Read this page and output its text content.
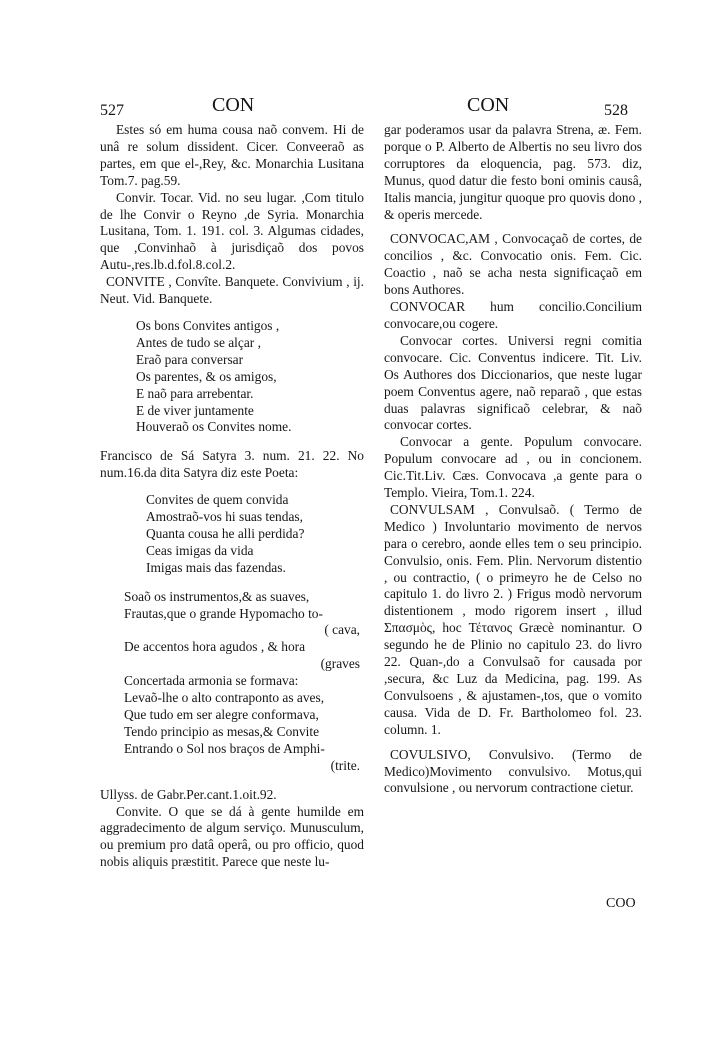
527	CON	CON	528

Estes só em huma cousa naõ convem. Hi de unâ re solum dissident. Cicer. Conveeraõ as partes, em que el-,Rey, &c. Monarchia Lusitana Tom.7. pag.59.

Convir. Tocar. Vid. no seu lugar. ,Com titulo de lhe Convir o Reyno ,de Syria. Monarchia Lusitana, Tom. 1. 191. col. 3. Algumas cidades, que ,Convinhaõ à jurisdiçaõ dos povos Autu-,res.lb.d.fol.8.col.2.

CONVITE , Convîte. Banquete. Convivium , ij. Neut. Vid. Banquete.

Os bons Convites antigos ,
Antes de tudo se alçar ,
Eraõ para conversar
Os parentes, & os amigos,
E naõ para arrebentar.
E de viver juntamente
Houveraõ os Convites nome.

Francisco de Sá Satyra 3. num. 21. 22. No num.16.da dita Satyra diz este Poeta:

Convites de quem convida
Amostraõ-vos hi suas tendas,
Quanta cousa he alli perdida?
Ceas imigas da vida
Imigas mais das fazendas.
Soaõ os instrumentos,& as suaves,
Frautas,que o grande Hypomacho to-
( cava,
De accentos hora agudos , & hora
(graves
Concertada armonia se formava:
Levaõ-lhe o alto contraponto as aves,
Que tudo em ser alegre conformava,
Tendo principio as mesas,& Convite
Entrando o Sol nos braços de Amphi-
(trite.

Ullyss. de Gabr.Per.cant.1.oit.92.

Convite. O que se dá à gente humilde em aggradecimento de algum serviço. Munusculum, ou premium pro datâ operâ, ou pro officio, quod nobis aliquis præstitit. Parece que neste lu-

gar poderamos usar da palavra Strena, æ. Fem. porque o P. Alberto de Albertis no seu livro dos corruptores da eloquencia, pag. 573. diz, Munus, quod datur die festo boni ominis causâ, Italis mancia, jungitur quoque pro quovis dono , & operis mercede.

CONVOCAC,AM , Convocaçaõ de cortes, de concilios , &c. Convocatio onis. Fem. Cic. Coactio , naõ se acha nesta significaçaõ em bons Authores.

CONVOCAR hum concilio.Concilium convocare,ou cogere.

Convocar cortes. Universi regni comitia convocare. Cic. Conventus indicere. Tit. Liv. Os Authores dos Diccionarios, que neste lugar poem Conventus agere, naõ reparaõ , que estas duas palavras significaõ celebrar, & naõ convocar cortes.

Convocar a gente. Populum convocare. Populum convocare ad , ou in concionem. Cic.Tit.Liv. Cæs. Convocava ,a gente para o Templo. Vieira, Tom.1. 224.

CONVULSAM , Convulsaõ. ( Termo de Medico ) Involuntario movimento de nervos para o cerebro, aonde elles tem o seu principio. Convulsio, onis. Fem. Plin. Nervorum distentio , ou contractio, ( o primeyro he de Celso no capitulo 1. do livro 2. ) Frigus modò nervorum distentionem , modo rigorem insert , illud Σπασμὸς, hoc Τέτανος Græcè nominantur. O segundo he de Plinio no capitulo 23. do livro 22. Quan-,do a Convulsaõ for causada por ,secura, &c Luz da Medicina, pag. 199. As Convulsoens , & ajustamen-,tos, que o vomito causa. Vida de D. Fr. Bartholomeo fol. 23. column. 1.

COVULSIVO, Convulsivo. (Termo de Medico)Movimento convulsivo. Motus,qui convulsione , ou nervorum contractione cietur.

COO
